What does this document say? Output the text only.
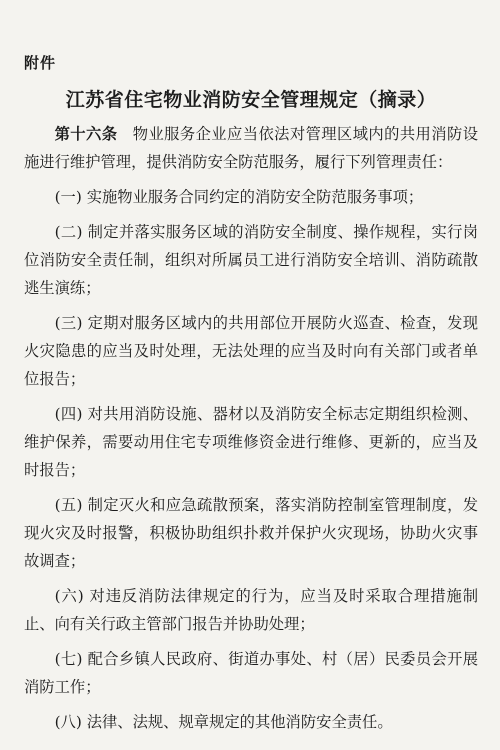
附件
江苏省住宅物业消防安全管理规定（摘录）

第十六条 物业服务企业应当依法对管理区域内的共用消防设施进行维护管理，提供消防安全防范服务，履行下列管理责任：

(一) 实施物业服务合同约定的消防安全防范服务事项；

(二) 制定并落实服务区域的消防安全制度、操作规程，实行岗位消防安全责任制，组织对所属员工进行消防安全培训、消防疏散逃生演练；

(三) 定期对服务区域内的共用部位开展防火巡查、检查，发现火灾隐患的应当及时处理，无法处理的应当及时向有关部门或者单位报告；

(四) 对共用消防设施、器材以及消防安全标志定期组织检测、维护保养，需要动用住宅专项维修资金进行维修、更新的，应当及时报告；

(五) 制定灭火和应急疏散预案，落实消防控制室管理制度，发现火灾及时报警，积极协助组织扑救并保护火灾现场，协助火灾事故调查；

(六) 对违反消防法律规定的行为，应当及时采取合理措施制止、向有关行政主管部门报告并协助处理；

(七) 配合乡镇人民政府、街道办事处、村（居）民委员会开展消防工作；

(八) 法律、法规、规章规定的其他消防安全责任。
